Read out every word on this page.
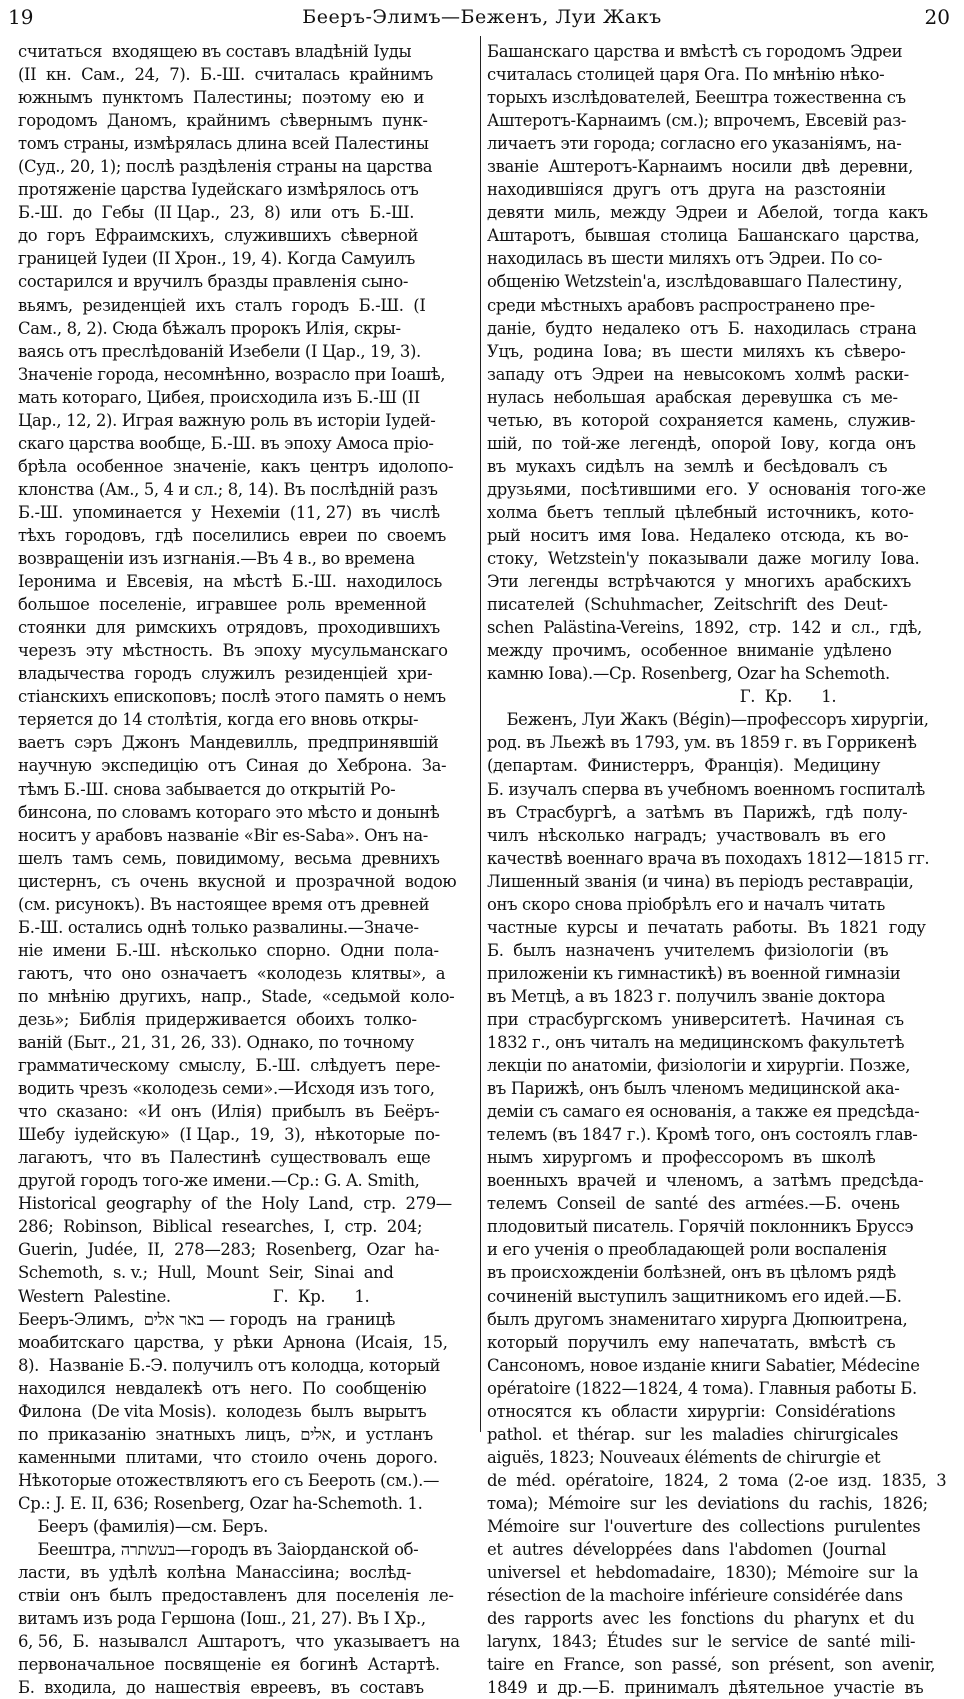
19	Бееръ-Элимъ—Беженъ, Луи Жакъ	20
считаться  входящею въ составъ владѣній Іуды
(II  кн.  Сам.,  24,  7).  Б.-Ш.  считалась  крайнимъ
южнымъ  пунктомъ  Палестины;  поэтому  ею  и
городомъ  Даномъ,  крайнимъ  сѣвернымъ  пунк-
томъ страны, измѣрялась длина всей Палестины
(Суд., 20, 1); послѣ раздѣленія страны на царства
протяженіе царства Іудейскаго измѣрялось отъ
Б.-Ш.  до  Гебы  (II Цар.,  23,  8)  или  отъ  Б.-Ш.
до  горъ  Ефраимскихъ,  служившихъ  сѣверной
границей Іудеи (II Хрон., 19, 4). Когда Самуилъ
состарился и вручилъ бразды правленія сыно-
вьямъ,  резиденціей  ихъ  сталъ  городъ  Б.-Ш.  (I
Сам., 8, 2). Сюда бѣжалъ пророкъ Илія, скры-
ваясь отъ преслѣдованій Изебели (I Цар., 19, 3).
Значеніе города, несомнѣнно, возрасло при Іоашѣ,
мать котораго, Цибея, происходила изъ Б.-Ш (II
Цар., 12, 2). Играя важную роль въ исторіи Іудей-
скаго царства вообще, Б.-Ш. въ эпоху Амоса пріо-
брѣла  особенное  значеніе,  какъ  центръ  идолопо-
клонства (Ам., 5, 4 и сл.; 8, 14). Въ послѣдній разъ
Б.-Ш.  упоминается  у  Нехеміи  (11, 27)  въ  числѣ
тѣхъ  городовъ,  гдѣ  поселились  евреи  по  своемъ
возвращеніи изъ изгнанія.—Въ 4 в., во времена
Іеронима  и  Евсевія,  на  мѣстѣ  Б.-Ш.  находилось
большое  поселеніе,  игравшее  роль  временной
стоянки  для  римскихъ  отрядовъ,  проходившихъ
черезъ  эту  мѣстность.  Въ  эпоху  мусульманскаго
владычества  городъ  служилъ  резиденціей  хри-
стіанскихъ епископовъ; послѣ этого память о немъ
теряется до 14 столѣтія, когда его вновь откры-
ваетъ  сэръ  Джонъ  Мандевилль,  предпринявшій
научную  экспедицію  отъ  Синая  до  Хеброна.  За-
тѣмъ Б.-Ш. снова забывается до открытій Ро-
бинсона, по словамъ котораго это мѣсто и донынѣ
носитъ у арабовъ названіе «Bir es-Saba». Онъ на-
шелъ  тамъ  семь,  повидимому,  весьма  древнихъ
цистернъ,  съ  очень  вкусной  и  прозрачной  водою
(см. рисунокъ). Въ настоящее время отъ древней
Б.-Ш. остались однѣ только развалины.—Значе-
ніе  имени  Б.-Ш.  нѣсколько  спорно.  Одни  пола-
гаютъ,  что  оно  означаетъ  «колодезь  клятвы»,  а
по  мнѣнію  другихъ,  напр.,  Stade,  «седьмой  коло-
дезь»;  Библія  придерживается  обоихъ  толко-
ваній (Быт., 21, 31, 26, 33). Однако, по точному
грамматическому  смыслу,  Б.-Ш.  слѣдуетъ  пере-
водить чрезъ «колодезь семи».—Исходя изъ того,
что  сказано:  «И  онъ  (Илія)  прибылъ  въ  Беёръ-
Шебу  іудейскую»  (I Цар.,  19,  3),  нѣкоторые  по-
лагаютъ,  что  въ  Палестинѣ  существовалъ  еще
другой городъ того-же имени.—Ср.: G. A. Smith,
Historical  geography  of  the  Holy  Land,  стр.  279—
286;  Robinson,  Biblical  researches,  I,  стр.  204;
Guerin,  Judée,  II,  278—283;  Rosenberg,  Ozar  ha-
Schemoth,  s. v.;  Hull,  Mount  Seir,  Sinai  and
Western  Palestine.                     Г.  Кр.      1.
Бееръ-Элимъ,  באר אלים — городъ  на  границѣ
моабитскаго  царства,  у  рѣки  Арнона  (Исаія,  15,
8).  Названіе Б.-Э. получилъ отъ колодца, который
находился  невдалекѣ  отъ  него.  По  сообщенію
Филона  (De vita Mosis).  колодезь  былъ  вырытъ
по  приказанію  знатныхъ  лицъ,  אלים,  и  устланъ
каменными  плитами,  что  стоило  очень  дорого.
Нѣкоторые отожествляютъ его съ Беероть (см.).—
Ср.: J. E. II, 636; Rosenberg, Ozar ha-Schemoth. 1.
Бееръ (фамилія)—см. Беръ.
Беештра, בעשתרה—городъ въ Заіорданской об-
ласти,  въ  удѣлѣ  колѣна  Манассіина;  вослѣд-
ствіи  онъ  былъ  предоставленъ  для  поселенія  ле-
витамъ изъ рода Гершона (Іош., 21, 27). Въ I Хр.,
6, 56,  Б.  называлсл  Аштаротъ,  что  указываетъ  на
первоначальное  посвященіе  ея  богинѣ  Астартѣ.
Б.  входила,  до  нашествія  евреевъ,  въ  составъ
Башанскаго царства и вмѣстѣ съ городомъ Эдреи
считалась столицей царя Ога. По мнѣнію нѣко-
торыхъ изслѣдователей, Беештра тожественна съ
Аштеротъ-Карнаимъ (см.); впрочемъ, Евсевій раз-
личаетъ эти города; согласно его указаніямъ, на-
званіе  Аштеротъ-Карнаимъ  носили  двѣ  деревни,
находившіяся  другъ  отъ  друга  на  разстояніи
девяти  миль,  между  Эдреи  и  Абелой,  тогда  какъ
Аштаротъ,  бывшая  столица  Башанскаго  царства,
находилась въ шести миляхъ отъ Эдреи. По со-
общенію Wetzstein'a, изслѣдовавшаго Палестину,
среди мѣстныхъ арабовъ распространено пре-
даніе,  будто  недалеко  отъ  Б.  находилась  страна
Уцъ,  родина  Іова;  въ  шести  миляхъ  къ  сѣверо-
западу  отъ  Эдреи  на  невысокомъ  холмѣ  раски-
нулась  небольшая  арабская  деревушка  съ  ме-
четью,  въ  которой  сохраняется  камень,  служив-
шій,  по  той-же  легендѣ,  опорой  Іову,  когда  онъ
въ  мукахъ  сидѣлъ  на  землѣ  и  бесѣдовалъ  съ
друзьями,  посѣтившими  его.  У  основанія  того-же
холма  бьетъ  теплый  цѣлебный  источникъ,  кото-
рый  носитъ  имя  Іова.  Недалеко  отсюда,  къ  во-
стоку,  Wetzstein'y  показывали  даже  могилу  Іова.
Эти  легенды  встрѣчаются  у  многихъ  арабскихъ
писателей  (Schuhmacher,  Zeitschrift  des  Deut-
schen  Palästina-Vereins,  1892,  стр.  142  и  сл.,  гдѣ,
между  прочимъ,  особенное  вниманіе  удѣлено
камню Іова).—Ср. Rosenberg, Ozar ha Schemoth.
Г.  Кр.      1.
Беженъ, Луи Жакъ (Bégin)—профессоръ хирургіи,
род. въ Льежѣ въ 1793, ум. въ 1859 г. въ Горрикенѣ
(департам.  Финистерръ,  Франція).  Медицину
Б. изучалъ сперва въ учебномъ военномъ госпиталѣ
въ  Страсбургѣ,  а  затѣмъ  въ  Парижѣ,  гдѣ  полу-
чилъ  нѣсколько  наградъ;  участвовалъ  въ  его
качествѣ военнаго врача въ походахъ 1812—1815 гг.
Лишенный званія (и чина) въ періодъ реставраціи,
онъ скоро снова пріобрѣлъ его и началъ читать
частные  курсы  и  печатать  работы.  Въ  1821  году
Б.  былъ  назначенъ  учителемъ  физіологіи  (въ
приложеніи къ гимнастикѣ) въ военной гимназіи
въ Метцѣ, а въ 1823 г. получилъ званіе доктора
при  страсбургскомъ  университетѣ.  Начиная  съ
1832 г., онъ читалъ на медицинскомъ факультетѣ
лекціи по анатоміи, физіологіи и хирургіи. Позже,
въ Парижѣ, онъ былъ членомъ медицинской ака-
деміи съ самаго ея основанія, а также ея предсѣда-
телемъ (въ 1847 г.). Кромѣ того, онъ состоялъ глав-
нымъ  хирургомъ  и  профессоромъ  въ  школѣ
военныхъ  врачей  и  членомъ,  а  затѣмъ  предсѣда-
телемъ  Conseil  de  santé  des  armées.—Б.  очень
плодовитый писатель. Горячій поклонникъ Бруссэ
и его ученія о преобладающей роли воспаленія
въ происхожденіи болѣзней, онъ въ цѣломъ рядѣ
сочиненій выступилъ защитникомъ его идей.—Б.
былъ другомъ знаменитаго хирурга Дюпюитрена,
который  поручилъ  ему  напечатать,  вмѣстѣ  съ
Сансономъ, новое изданіе книги Sabatier, Médecine
opératoire (1822—1824, 4 тома). Главныя работы Б.
относятся  къ  области  хирургіи:  Considérations
pathol.  et  thérap.  sur  les  maladies  chirurgicales
aiguës, 1823; Nouveaux éléments de chirurgie et
de  méd.  opératoire,  1824,  2  тома  (2-ое  изд.  1835,  3
тома);  Mémoire  sur  les  deviations  du  rachis,  1826;
Mémoire  sur  l'ouverture  des  collections  purulentes
et  autres  développées  dans  l'abdomen  (Journal
universel  et  hebdomadaire,  1830);  Mémoire  sur  la
résection de la machoire inférieure considérée dans
des  rapports  avec  les  fonctions  du  pharynx  et  du
larynx,  1843;  Études  sur  le  service  de  santé  mili-
taire  en  France,  son  passé,  son  présent,  son  avenir,
1849  и  др.—Б.  принималъ  дѣятельное  участіе  въ
